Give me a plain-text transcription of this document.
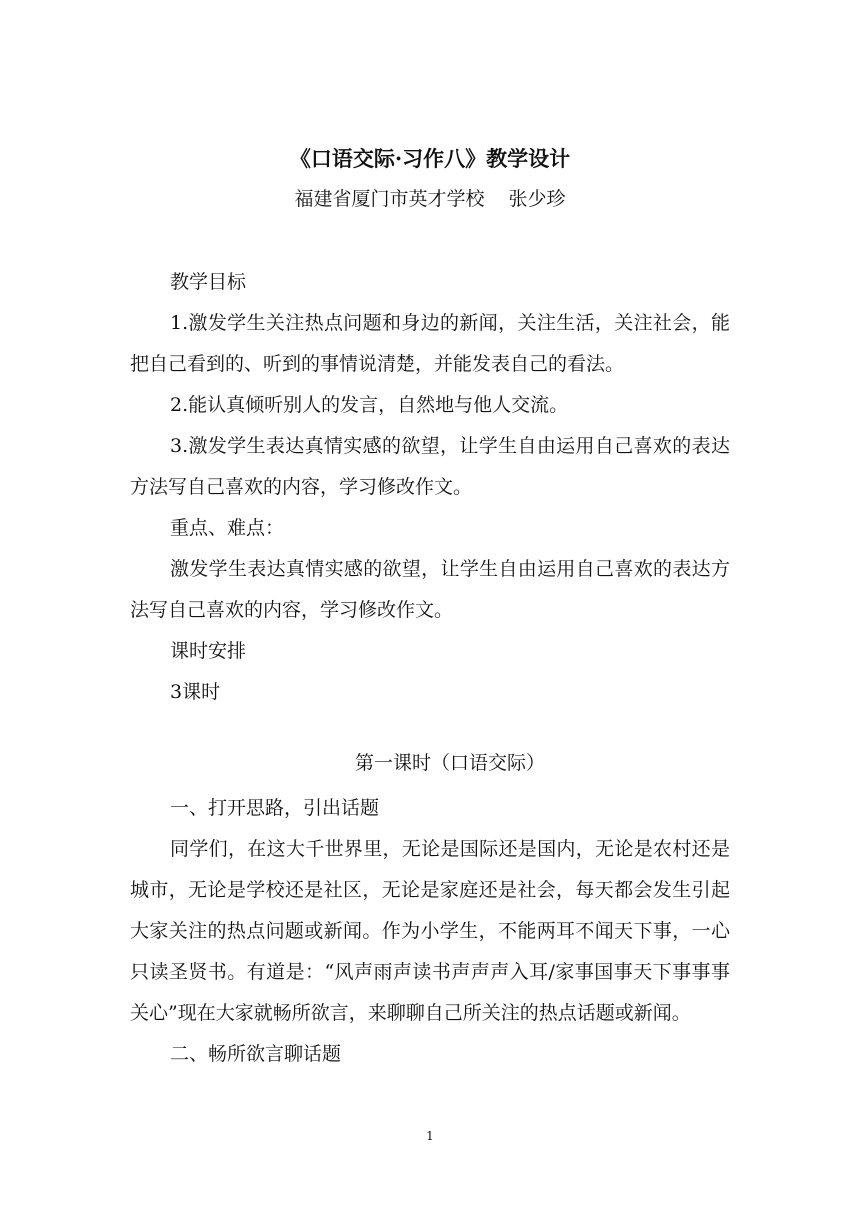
《口语交际·习作八》教学设计
福建省厦门市英才学校 张少珍

教学目标

1.激发学生关注热点问题和身边的新闻，关注生活，关注社会，能把自己看到的、听到的事情说清楚，并能发表自己的看法。

2.能认真倾听别人的发言，自然地与他人交流。

3.激发学生表达真情实感的欲望，让学生自由运用自己喜欢的表达方法写自己喜欢的内容，学习修改作文。

重点、难点：

激发学生表达真情实感的欲望，让学生自由运用自己喜欢的表达方法写自己喜欢的内容，学习修改作文。

课时安排

3课时

第一课时（口语交际）

一、打开思路，引出话题

同学们，在这大千世界里，无论是国际还是国内，无论是农村还是城市，无论是学校还是社区，无论是家庭还是社会，每天都会发生引起大家关注的热点问题或新闻。作为小学生，不能两耳不闻天下事，一心只读圣贤书。有道是：“风声雨声读书声声声入耳/家事国事天下事事事关心”现在大家就畅所欲言，来聊聊自己所关注的热点话题或新闻。

二、畅所欲言聊话题

1
